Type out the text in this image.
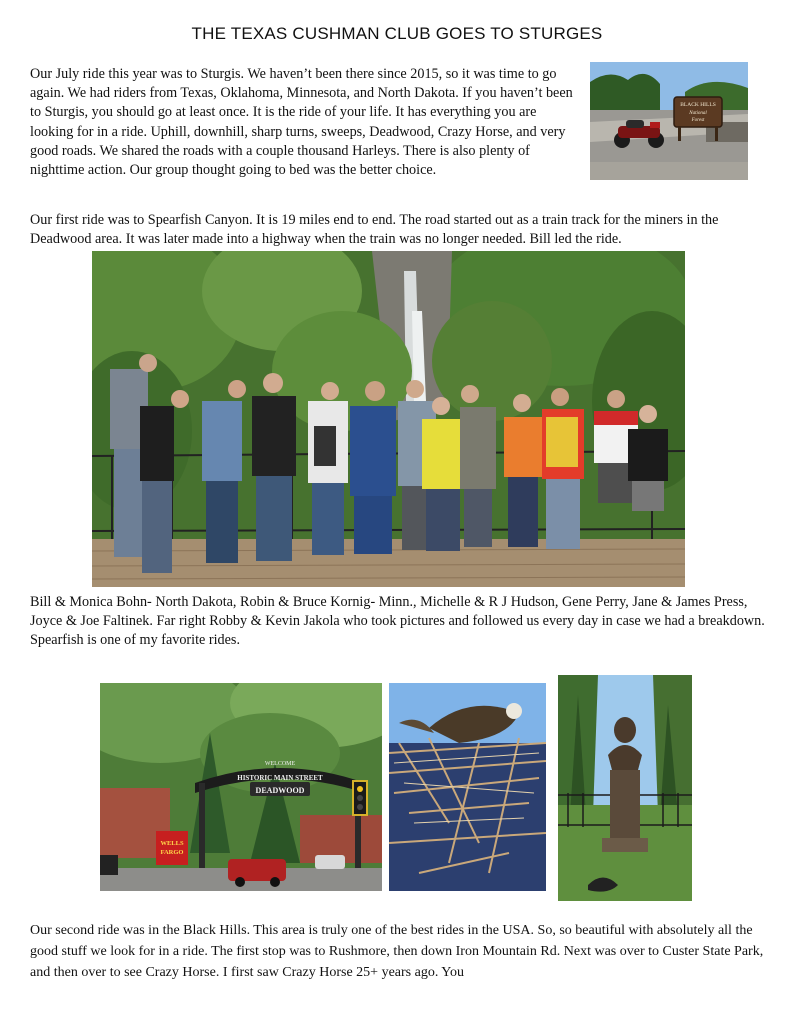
THE TEXAS CUSHMAN CLUB GOES TO STURGES

Our July ride this year was to Sturgis. We haven’t been there since 2015, so it was time to go again. We had riders from Texas, Oklahoma, Minnesota, and North Dakota. If you haven’t been to Sturgis, you should go at least once. It is the ride of your life. It has everything you are looking for in a ride. Uphill, downhill, sharp turns, sweeps, Deadwood, Crazy Horse, and very good roads. We shared the roads with a couple thousand Harleys. There is also plenty of nighttime action. Our group thought going to bed was the better choice.

BLACK HILLS
National
Forest

Our first ride was to Spearfish Canyon. It is 19 miles end to end. The road started out as a train track for the miners in the Deadwood area. It was later made into a highway when the train was no longer needed. Bill led the ride.

Bill & Monica Bohn- North Dakota, Robin & Bruce Kornig- Minn., Michelle & R J Hudson, Gene Perry, Jane & James Press, Joyce & Joe Faltinek. Far right Robby & Kevin Jakola who took pictures and followed us every day in case we had a breakdown. Spearfish is one of my favorite rides.

WELCOME
HISTORIC MAIN STREET
DEADWOOD
WELLS
FARGO

Our second ride was in the Black Hills. This area is truly one of the best rides in the USA. So, so beautiful with absolutely all the good stuff we look for in a ride. The first stop was to Rushmore, then down Iron Mountain Rd. Next was over to Custer State Park, and then over to see Crazy Horse. I first saw Crazy Horse 25+ years ago. You
